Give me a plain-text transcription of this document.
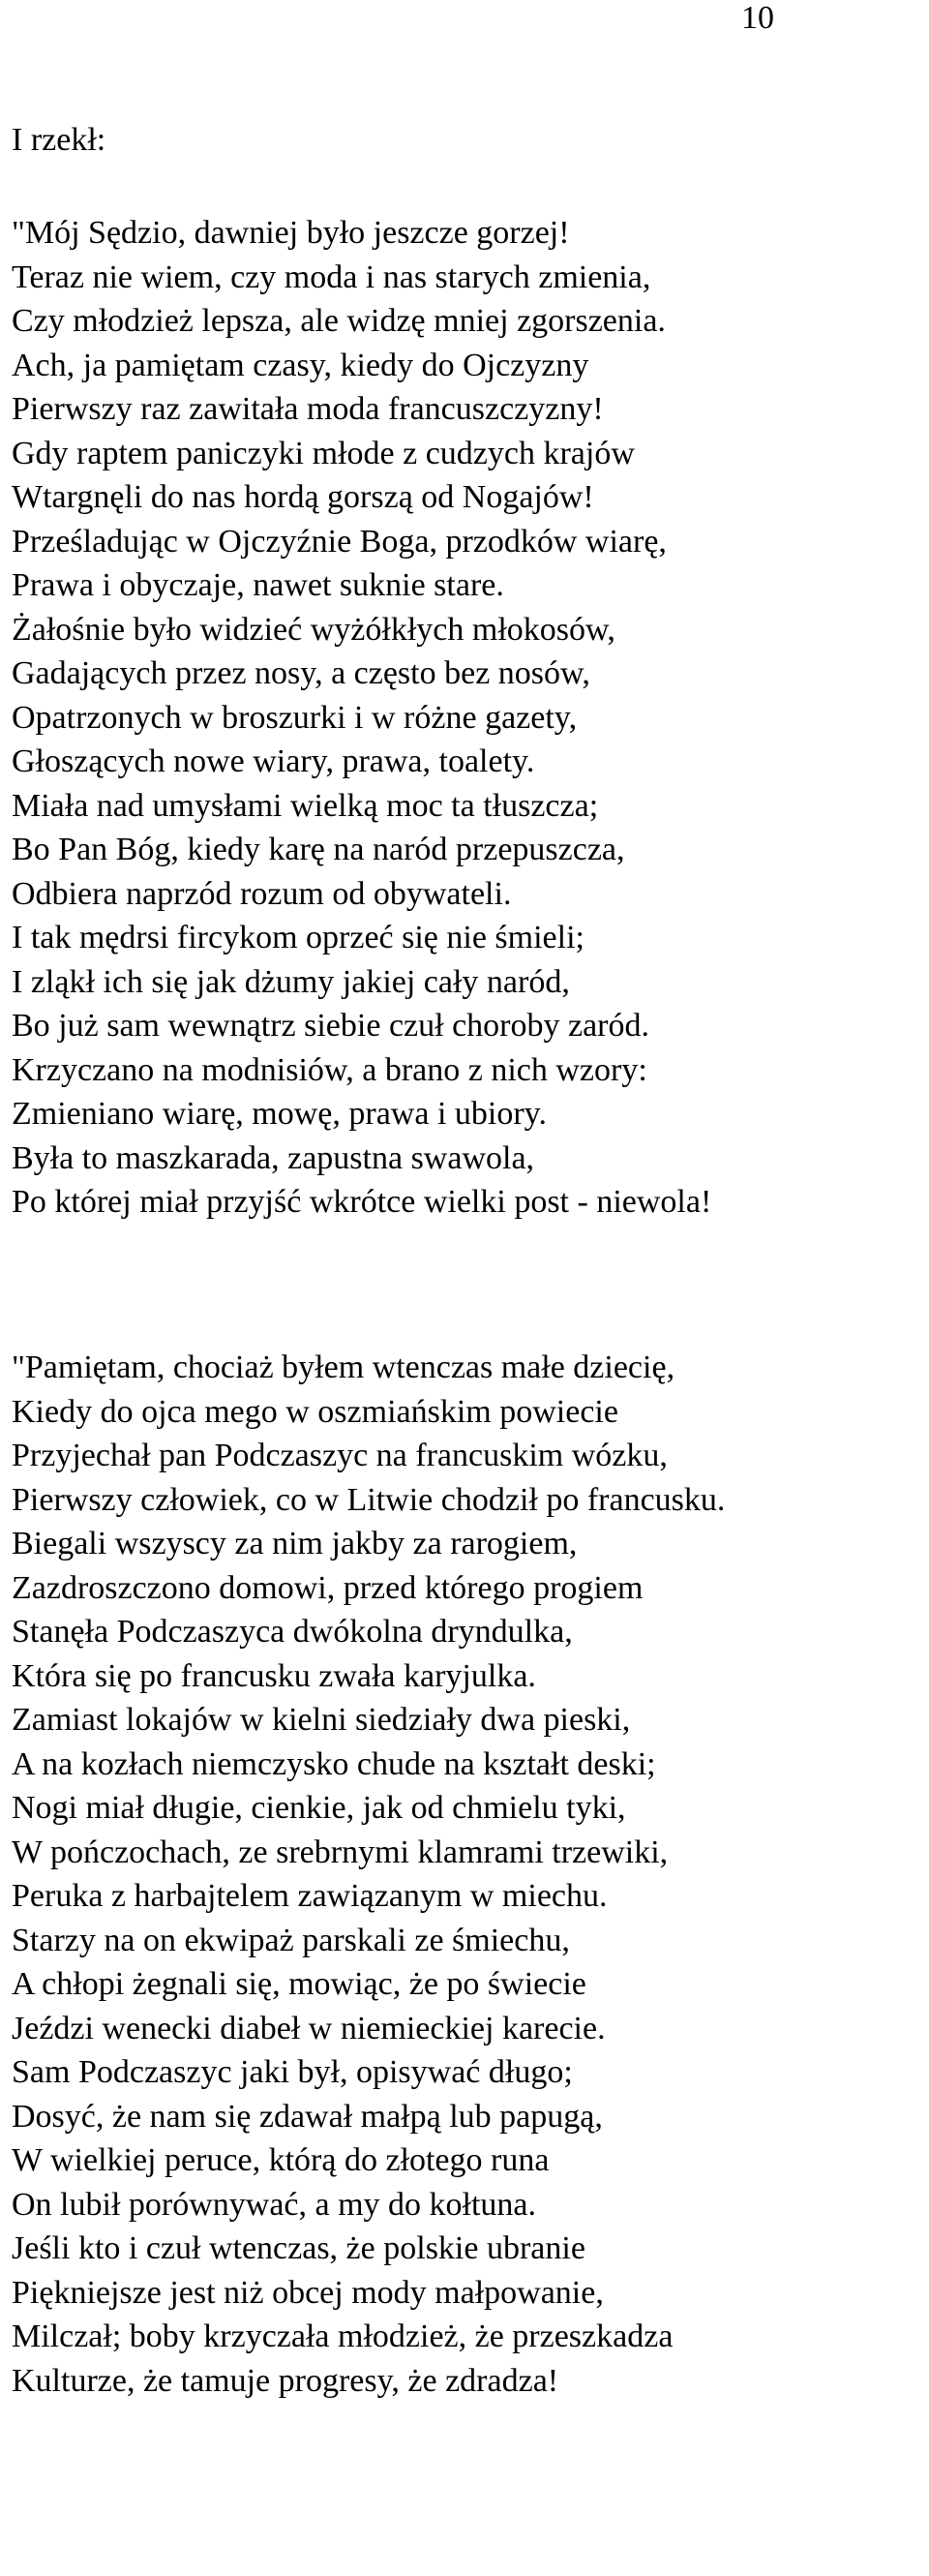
10
I rzekł:
"Mój Sędzio, dawniej było jeszcze gorzej!
Teraz nie wiem, czy moda i nas starych zmienia,
Czy młodzież lepsza, ale widzę mniej zgorszenia.
Ach, ja pamiętam czasy, kiedy do Ojczyzny
Pierwszy raz zawitała moda francuszczyzny!
Gdy raptem paniczyki młode z cudzych krajów
Wtargnęli do nas hordą gorszą od Nogajów!
Prześladując w Ojczyźnie Boga, przodków wiarę,
Prawa i obyczaje, nawet suknie stare.
Żałośnie było widzieć wyżółkłych młokosów,
Gadających przez nosy, a często bez nosów,
Opatrzonych w broszurki i w różne gazety,
Głoszących nowe wiary, prawa, toalety.
Miała nad umysłami wielką moc ta tłuszcza;
Bo Pan Bóg, kiedy karę na naród przepuszcza,
Odbiera naprzód rozum od obywateli.
I tak mędrsi fircykom oprzeć się nie śmieli;
I zląkł ich się jak dżumy jakiej cały naród,
Bo już sam wewnątrz siebie czuł choroby zaród.
Krzyczano na modnisiów, a brano z nich wzory:
Zmieniano wiarę, mowę, prawa i ubiory.
Była to maszkarada, zapustna swawola,
Po której miał przyjść wkrótce wielki post - niewola!
"Pamiętam, chociaż byłem wtenczas małe dziecię,
Kiedy do ojca mego w oszmiańskim powiecie
Przyjechał pan Podczaszyc na francuskim wózku,
Pierwszy człowiek, co w Litwie chodził po francusku.
Biegali wszyscy za nim jakby za rarogiem,
Zazdroszczono domowi, przed którego progiem
Stanęła Podczaszyca dwókolna dryndulka,
Która się po francusku zwała karyjulka.
Zamiast lokajów w kielni siedziały dwa pieski,
A na kozłach niemczysko chude na kształt deski;
Nogi miał długie, cienkie, jak od chmielu tyki,
W pończochach, ze srebrnymi klamrami trzewiki,
Peruka z harbajtelem zawiązanym w miechu.
Starzy na on ekwipaż parskali ze śmiechu,
A chłopi żegnali się, mowiąc, że po świecie
Jeździ wenecki diabeł w niemieckiej karecie.
Sam Podczaszyc jaki był, opisywać długo;
Dosyć, że nam się zdawał małpą lub papugą,
W wielkiej peruce, którą do złotego runa
On lubił porównywać, a my do kołtuna.
Jeśli kto i czuł wtenczas, że polskie ubranie
Piękniejsze jest niż obcej mody małpowanie,
Milczał; boby krzyczała młodzież, że przeszkadza
Kulturze, że tamuje progresy, że zdradza!
